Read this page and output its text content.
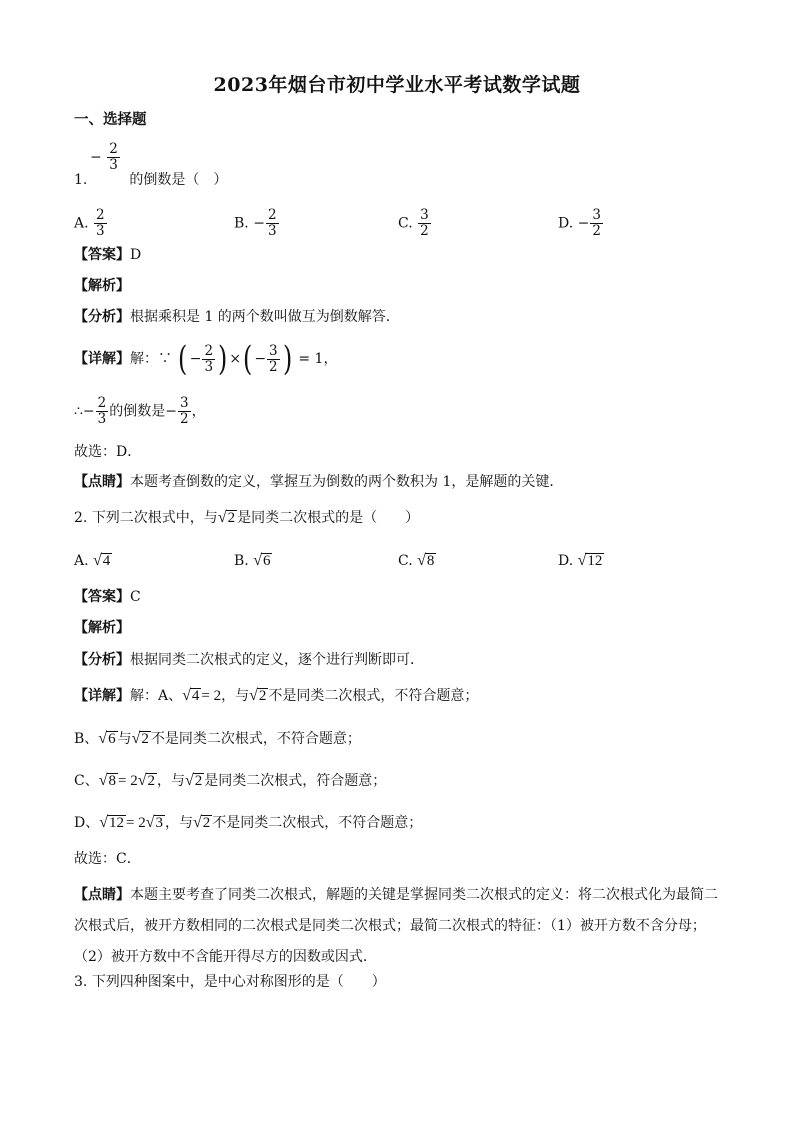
2023年烟台市初中学业水平考试数学试题
一、选择题
− $\frac{2}{3}$
1.	的倒数是（　）
A. $\frac{2}{3}$	B. − $\frac{2}{3}$	C. $\frac{3}{2}$	D. − $\frac{3}{2}$
【答案】D
【解析】
【分析】根据乘积是 1 的两个数叫做互为倒数解答．
【详解】解：∵ ( − $\frac{2}{3}$ ) ×( − $\frac{3}{2}$ ) = 1，
∴− $\frac{2}{3}$ 的倒数是− $\frac{3}{2}$ ，
故选：D．
【点睛】本题考查倒数的定义，掌握互为倒数的两个数积为 1，是解题的关键．
2. 下列二次根式中，与 √ 2 是同类二次根式的是（　　）
A. √ 4	B. √ 6	C. √ 8	D. √ 12
【答案】C
【解析】
【分析】根据同类二次根式的定义，逐个进行判断即可．
【详解】解：A、 √ 4 = 2，与 √ 2 不是同类二次根式，不符合题意；
B、 √ 6 与 √ 2 不是同类二次根式，不符合题意；
C、 √ 8 = 2 √ 2 ，与 √ 2 是同类二次根式，符合题意；
D、 √ 12 = 2 √ 3 ，与 √ 2 不是同类二次根式，不符合题意；
故选：C．
【点睛】本题主要考查了同类二次根式，解题的关键是掌握同类二次根式的定义：将二次根式化为最简二次根式后，被开方数相同的二次根式是同类二次根式；最简二次根式的特征：（1）被开方数不含分母；（2）被开方数中不含能开得尽方的因数或因式．
3. 下列四种图案中，是中心对称图形的是（　　）
